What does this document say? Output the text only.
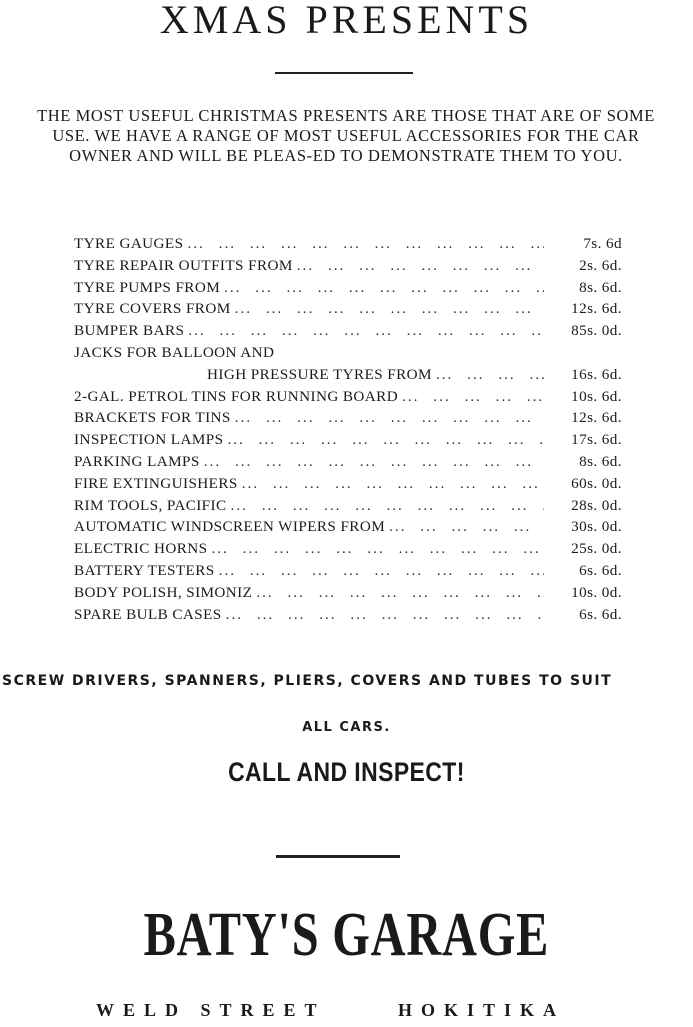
XMAS PRESENTS

THE MOST USEFUL CHRISTMAS PRESENTS ARE THOSE THAT ARE OF SOME USE. WE HAVE A RANGE OF MOST USEFUL ACCESSORIES FOR THE CAR OWNER AND WILL BE PLEAS-ED TO DEMONSTRATE THEM TO YOU.

TYRE GAUGES ... .	7s. 6d
TYRE REPAIR OUTFITS FROM ... .	2s. 6d.
TYRE PUMPS FROM ... .	8s. 6d.
TYRE COVERS FROM ... .	12s. 6d.
BUMPER BARS ... .	85s. 0d.
JACKS FOR BALLOON AND
HIGH PRESSURE TYRES FROM ... .	16s. 6d.
2-GAL. PETROL TINS FOR RUNNING BOARD ... .	10s. 6d.
BRACKETS FOR TINS ... .	12s. 6d.
INSPECTION LAMPS ... .	17s. 6d.
PARKING LAMPS ... .	8s. 6d.
FIRE EXTINGUISHERS ... .	60s. 0d.
RIM TOOLS, PACIFIC ... .	28s. 0d.
AUTOMATIC WINDSCREEN WIPERS FROM ... .	30s. 0d.
ELECTRIC HORNS ... .	25s. 0d.
BATTERY TESTERS ... .	6s. 6d.
BODY POLISH, SIMONIZ ... .	10s. 0d.
SPARE BULB CASES ... .	6s. 6d.

SCREW DRIVERS, SPANNERS, PLIERS, COVERS AND TUBES TO SUIT

ALL CARS.

CALL AND INSPECT!

BATY'S GARAGE

WELD STREET	HOKITIKA
